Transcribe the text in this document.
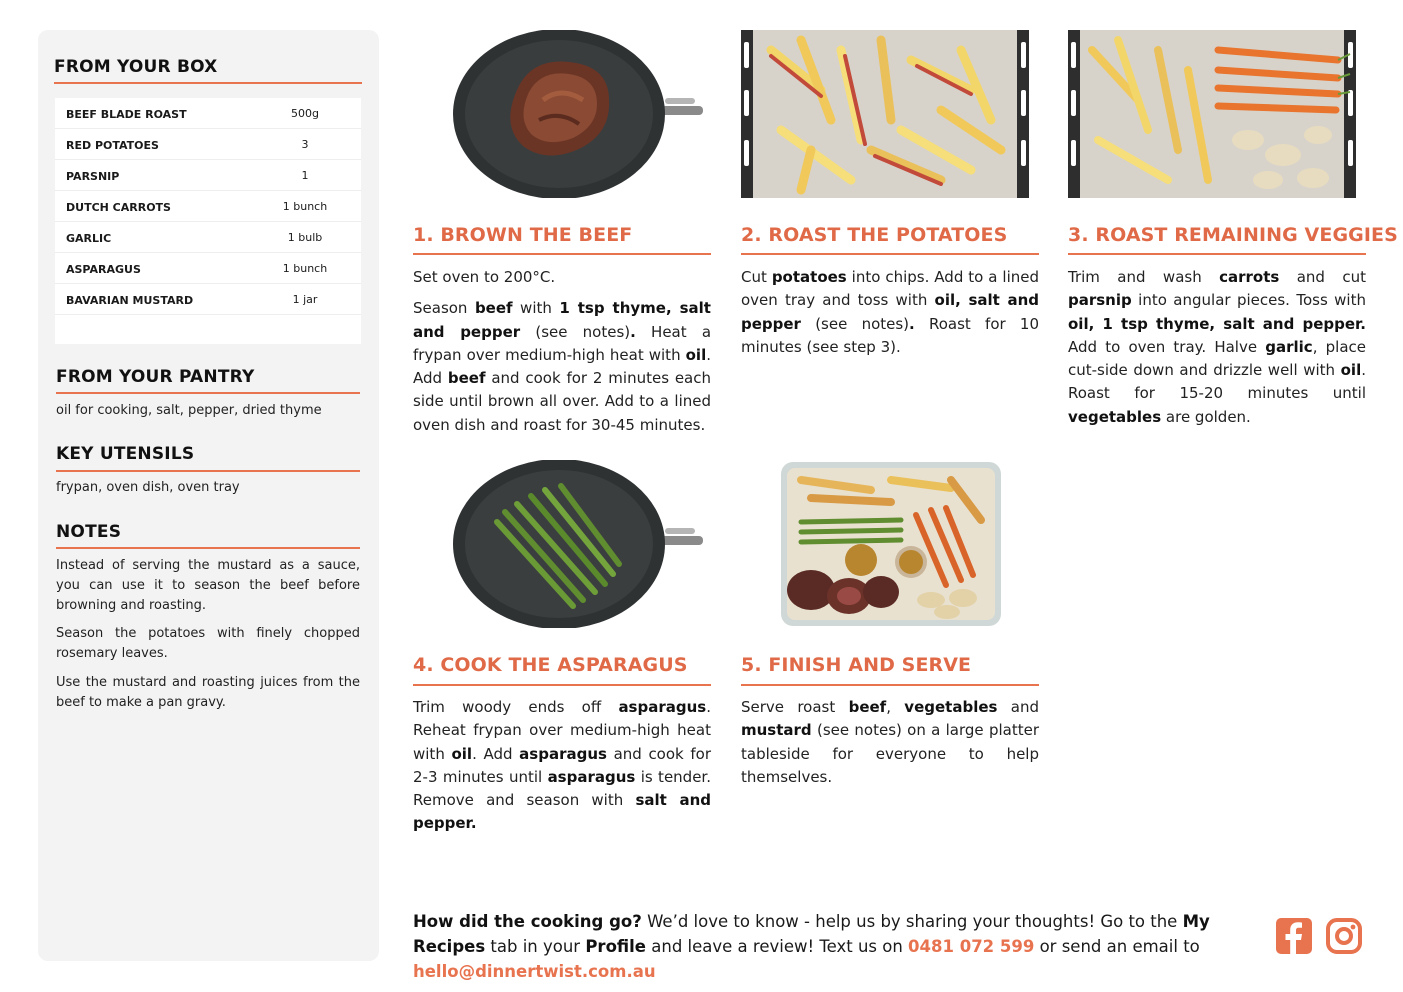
FROM YOUR BOX
BEEF BLADE ROAST	500g
RED POTATOES	3
PARSNIP	1
DUTCH CARROTS	1 bunch
GARLIC	1 bulb
ASPARAGUS	1 bunch
BAVARIAN MUSTARD	1 jar
FROM YOUR PANTRY
oil for cooking, salt, pepper, dried thyme
KEY UTENSILS
frypan, oven dish, oven tray
NOTES
Instead of serving the mustard as a sauce, you can use it to season the beef before browning and roasting.
Season the potatoes with finely chopped rosemary leaves.
Use the mustard and roasting juices from the beef to make a pan gravy.
1. BROWN THE BEEF

Set oven to 200°C.

Season beef with 1 tsp thyme, salt and pepper (see notes). Heat a frypan over medium-high heat with oil. Add beef and cook for 2 minutes each side until brown all over. Add to a lined oven dish and roast for 30-45 minutes.

2. ROAST THE POTATOES

Cut potatoes into chips. Add to a lined oven tray and toss with oil, salt and pepper (see notes). Roast for 10 minutes (see step 3).

3. ROAST REMAINING VEGGIES

Trim and wash carrots and cut parsnip into angular pieces. Toss with oil, 1 tsp thyme, salt and pepper. Add to oven tray. Halve garlic, place cut-side down and drizzle well with oil. Roast for 15-20 minutes until vegetables are golden.

4. COOK THE ASPARAGUS

Trim woody ends off asparagus. Reheat frypan over medium-high heat with oil. Add asparagus and cook for 2-3 minutes until asparagus is tender. Remove and season with salt and pepper.

5. FINISH AND SERVE

Serve roast beef, vegetables and mustard (see notes) on a large platter tableside for everyone to help themselves.

How did the cooking go? We’d love to know - help us by sharing your thoughts! Go to the My Recipes tab in your Profile and leave a review! Text us on 0481 072 599 or send an email to hello@dinnertwist.com.au
